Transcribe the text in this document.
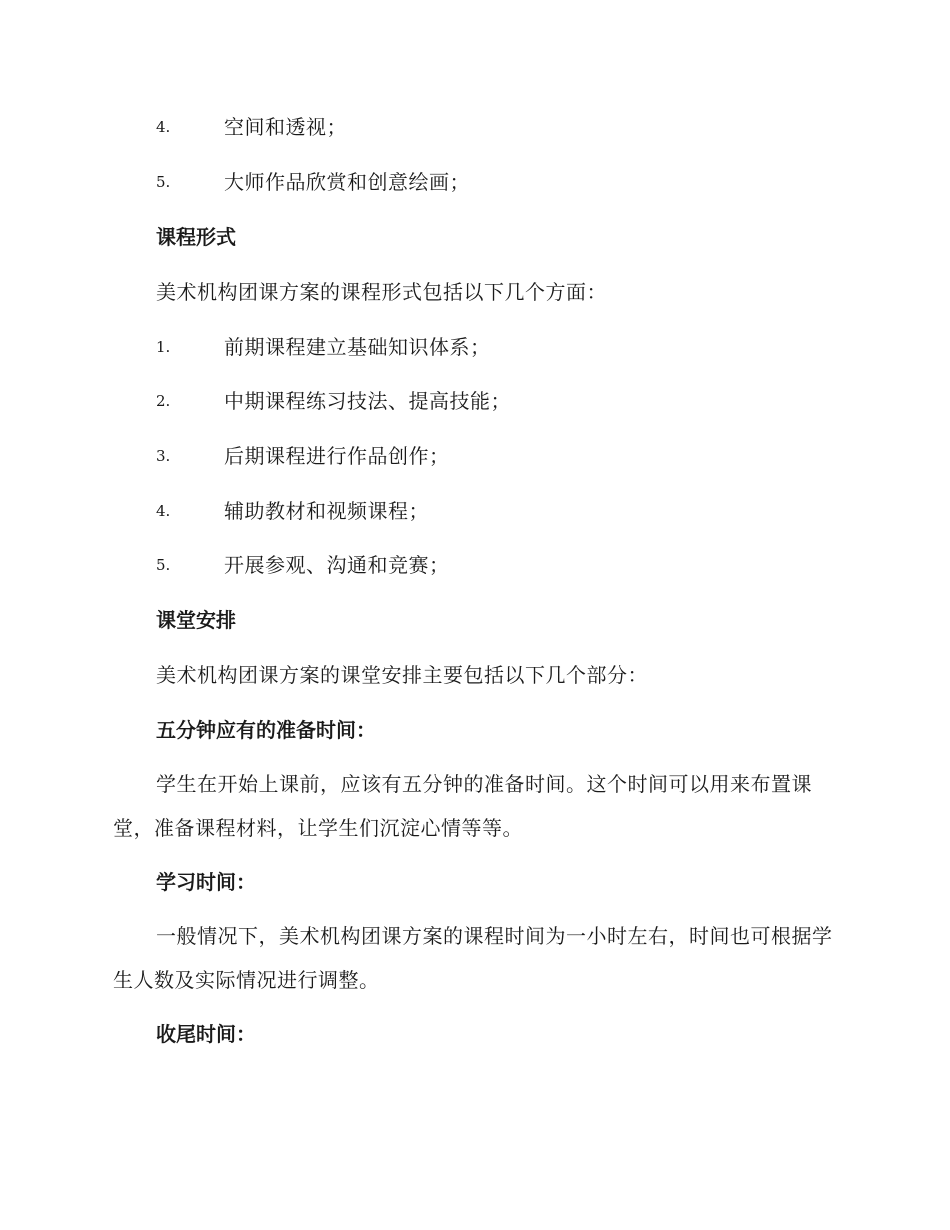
4.	空间和透视；
5.	大师作品欣赏和创意绘画；
课程形式
美术机构团课方案的课程形式包括以下几个方面：
1.	前期课程建立基础知识体系；
2.	中期课程练习技法、提高技能；
3.	后期课程进行作品创作；
4.	辅助教材和视频课程；
5.	开展参观、沟通和竞赛；
课堂安排
美术机构团课方案的课堂安排主要包括以下几个部分：
五分钟应有的准备时间：
学生在开始上课前，应该有五分钟的准备时间。这个时间可以用来布置课堂，准备课程材料，让学生们沉淀心情等等。
学习时间：
一般情况下，美术机构团课方案的课程时间为一小时左右，时间也可根据学生人数及实际情况进行调整。
收尾时间：
